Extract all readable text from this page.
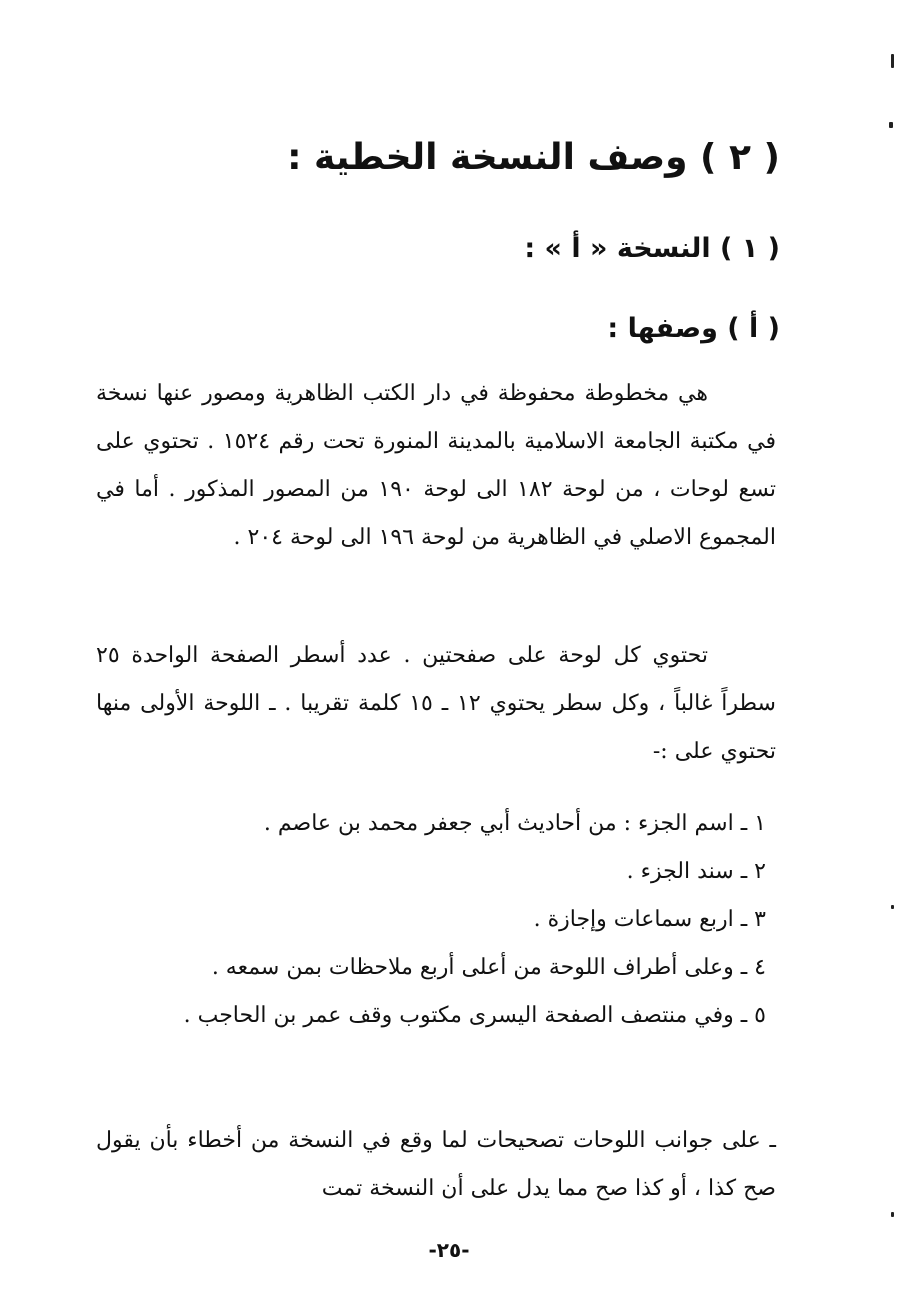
( ٢ ) وصف النسخة الخطية :
( ١ ) النسخة « أ » :
( أ ) وصفها :

هي مخطوطة محفوظة في دار الكتب الظاهرية ومصور عنها نسخة في مكتبة الجامعة الاسلامية بالمدينة المنورة تحت رقم ١٥٢٤ . تحتوي على تسع لوحات ، من لوحة ١٨٢ الى لوحة ١٩٠ من المصور المذكور . أما في المجموع الاصلي في الظاهرية من لوحة ١٩٦ الى لوحة ٢٠٤ .

تحتوي كل لوحة على صفحتين . عدد أسطر الصفحة الواحدة ٢٥ سطراً غالباً ، وكل سطر يحتوي ١٢ ـ ١٥ كلمة تقريبا . ـ اللوحة الأولى منها تحتوي على :-

١ ـ اسم الجزء : من أحاديث أبي جعفر محمد بن عاصم .
٢ ـ سند الجزء .
٣ ـ اربع سماعات وإجازة .
٤ ـ وعلى أطراف اللوحة من أعلى أربع ملاحظات بمن سمعه .
٥ ـ وفي منتصف الصفحة اليسرى مكتوب وقف عمر بن الحاجب .

ـ على جوانب اللوحات تصحيحات لما وقع في النسخة من أخطاء بأن يقول صح كذا ، أو كذا صح مما يدل على أن النسخة تمت

-٢٥-
